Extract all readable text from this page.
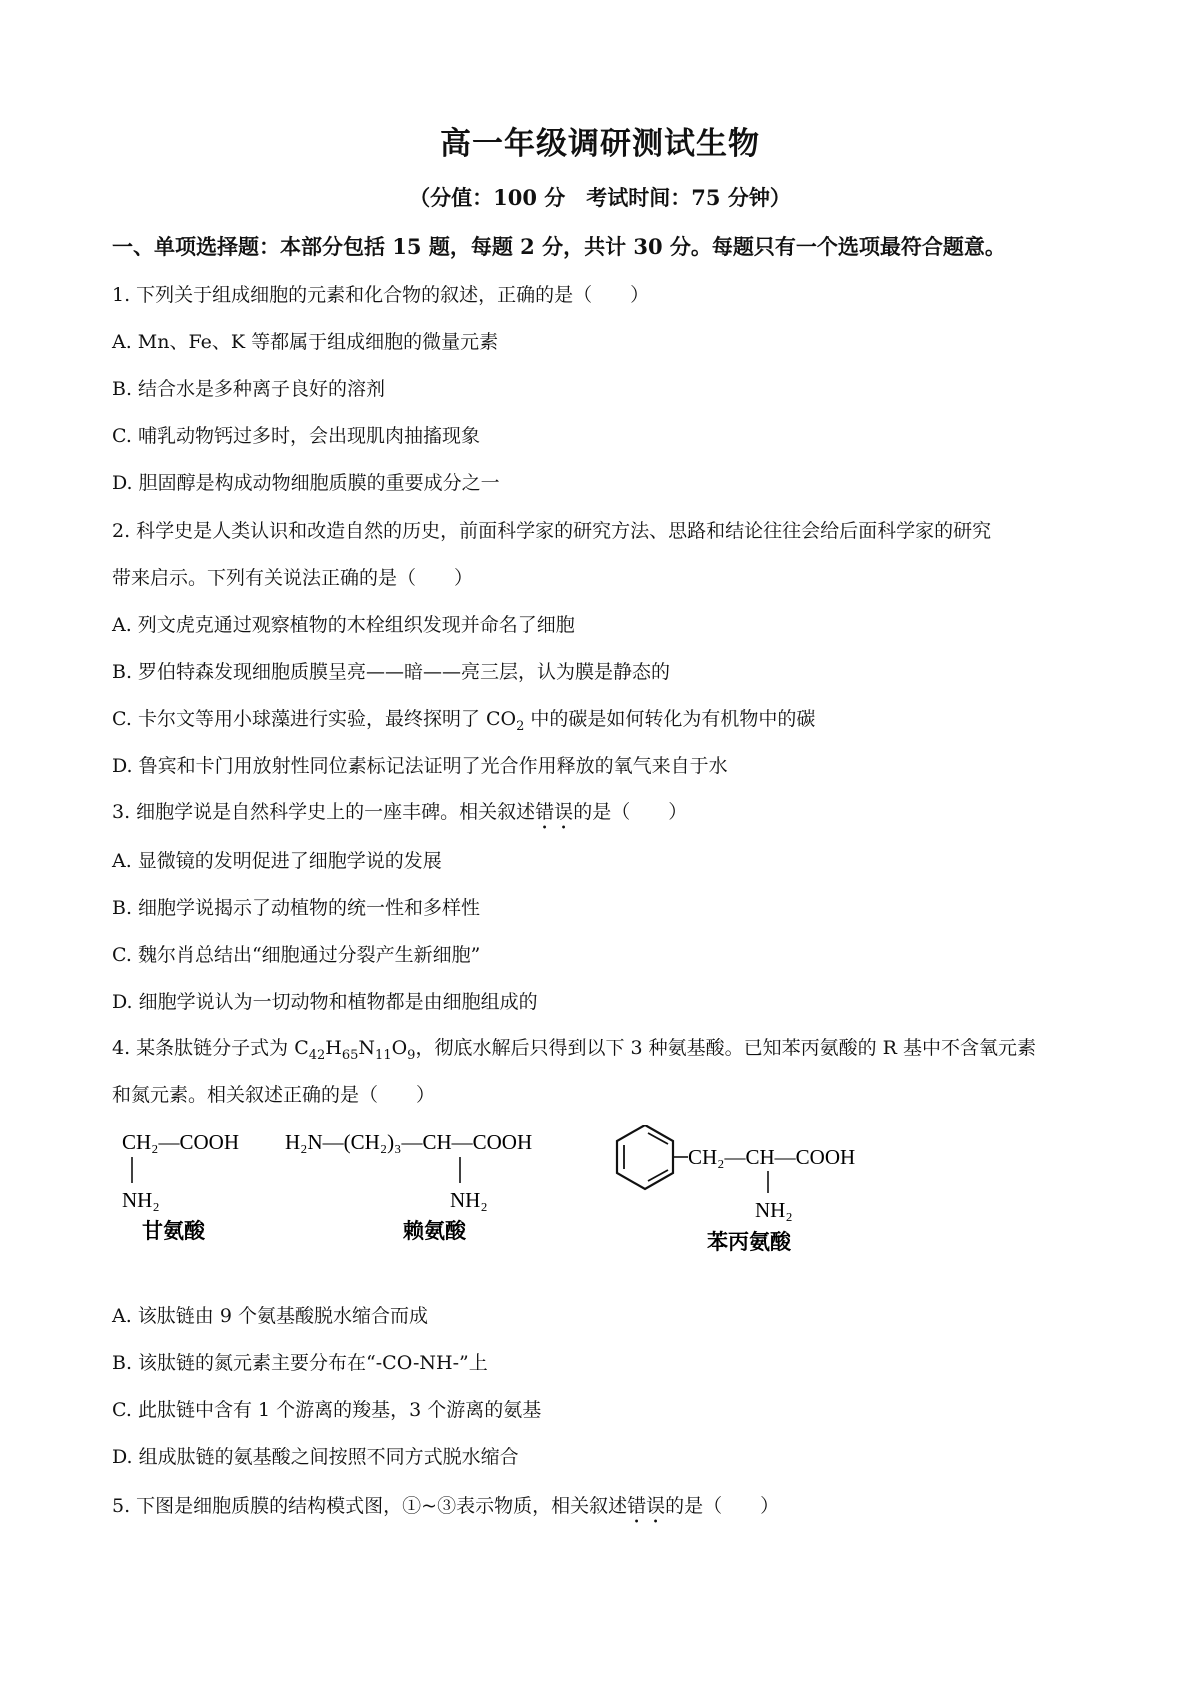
高一年级调研测试生物
（分值：100 分　考试时间：75 分钟）
一、单项选择题：本部分包括 15 题，每题 2 分，共计 30 分。每题只有一个选项最符合题意。
1. 下列关于组成细胞的元素和化合物的叙述，正确的是（　　）
A. Mn、Fe、K 等都属于组成细胞的微量元素
B. 结合水是多种离子良好的溶剂
C. 哺乳动物钙过多时，会出现肌肉抽搐现象
D. 胆固醇是构成动物细胞质膜的重要成分之一
2. 科学史是人类认识和改造自然的历史，前面科学家的研究方法、思路和结论往往会给后面科学家的研究
带来启示。下列有关说法正确的是（　　）
A. 列文虎克通过观察植物的木栓组织发现并命名了细胞
B. 罗伯特森发现细胞质膜呈亮——暗——亮三层，认为膜是静态的
C. 卡尔文等用小球藻进行实验，最终探明了 $CO_2$ 中的碳是如何转化为有机物中的碳
D. 鲁宾和卡门用放射性同位素标记法证明了光合作用释放的氧气来自于水
3. 细胞学说是自然科学史上的一座丰碑。相关叙述错误的是（　　）
A. 显微镜的发明促进了细胞学说的发展
B. 细胞学说揭示了动植物的统一性和多样性
C. 魏尔肖总结出“细胞通过分裂产生新细胞”
D. 细胞学说认为一切动物和植物都是由细胞组成的
4. 某条肽链分子式为 $C_{42}H_{65}N_{11}O_9$，彻底水解后只得到以下 3 种氨基酸。已知苯丙氨酸的 R 基中不含氧元素
和氮元素。相关叙述正确的是（　　）
CH₂—COOH
NH₂
甘氨酸
H₂N—(CH₂)₃—CH—COOH
NH₂
赖氨酸
CH₂—CH—COOH
NH₂
苯丙氨酸
A. 该肽链由 9 个氨基酸脱水缩合而成
B. 该肽链的氮元素主要分布在“-CO-NH-”上
C. 此肽链中含有 1 个游离的羧基，3 个游离的氨基
D. 组成肽链的氨基酸之间按照不同方式脱水缩合
5. 下图是细胞质膜的结构模式图，①~③表示物质，相关叙述错误的是（　　）
